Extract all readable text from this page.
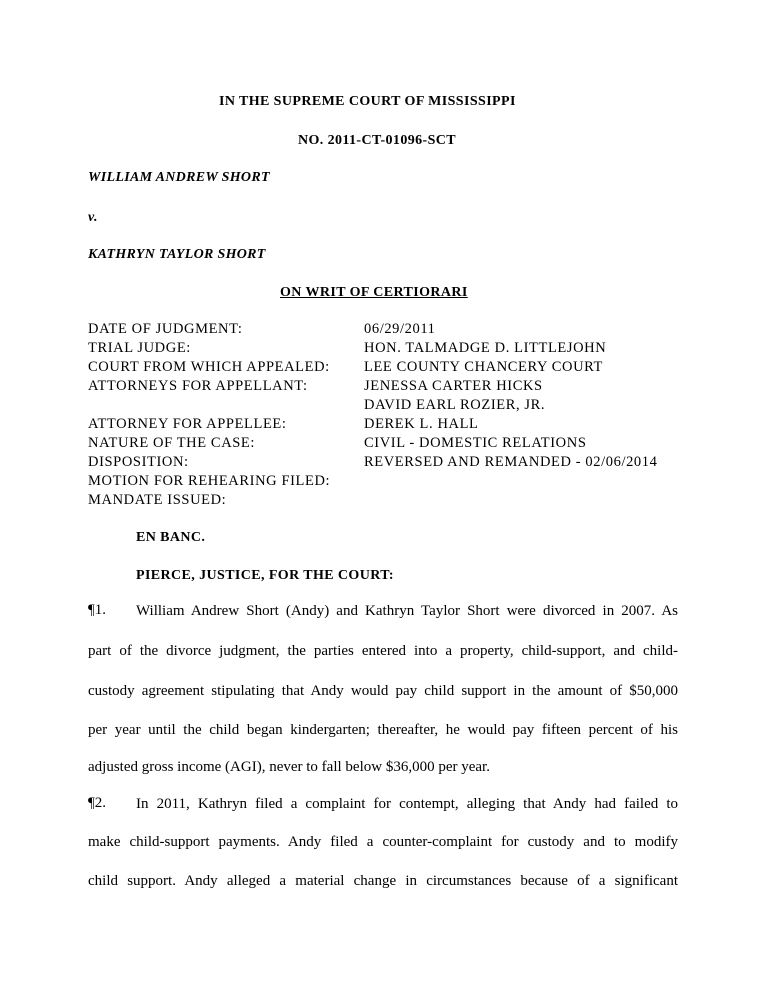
IN THE SUPREME COURT OF MISSISSIPPI
NO. 2011-CT-01096-SCT
WILLIAM ANDREW SHORT
v.
KATHRYN TAYLOR SHORT
ON WRIT OF CERTIORARI
DATE OF JUDGMENT:	06/29/2011
TRIAL JUDGE:	HON. TALMADGE D. LITTLEJOHN
COURT FROM WHICH APPEALED: LEE COUNTY CHANCERY COURT
ATTORNEYS FOR APPELLANT:	JENESSA CARTER HICKS
DAVID EARL ROZIER, JR.
ATTORNEY FOR APPELLEE:	DEREK L. HALL
NATURE OF THE CASE:	CIVIL - DOMESTIC RELATIONS
DISPOSITION:	REVERSED AND REMANDED - 02/06/2014
MOTION FOR REHEARING FILED:
MANDATE ISSUED:
EN BANC.
PIERCE, JUSTICE, FOR THE COURT:
¶1. William Andrew Short (Andy) and Kathryn Taylor Short were divorced in 2007. As
part of the divorce judgment, the parties entered into a property, child-support, and child-
custody agreement stipulating that Andy would pay child support in the amount of $50,000
per year until the child began kindergarten; thereafter, he would pay fifteen percent of his
adjusted gross income (AGI), never to fall below $36,000 per year.
¶2. In 2011, Kathryn filed a complaint for contempt, alleging that Andy had failed to
make child-support payments. Andy filed a counter-complaint for custody and to modify
child support. Andy alleged a material change in circumstances because of a significant
